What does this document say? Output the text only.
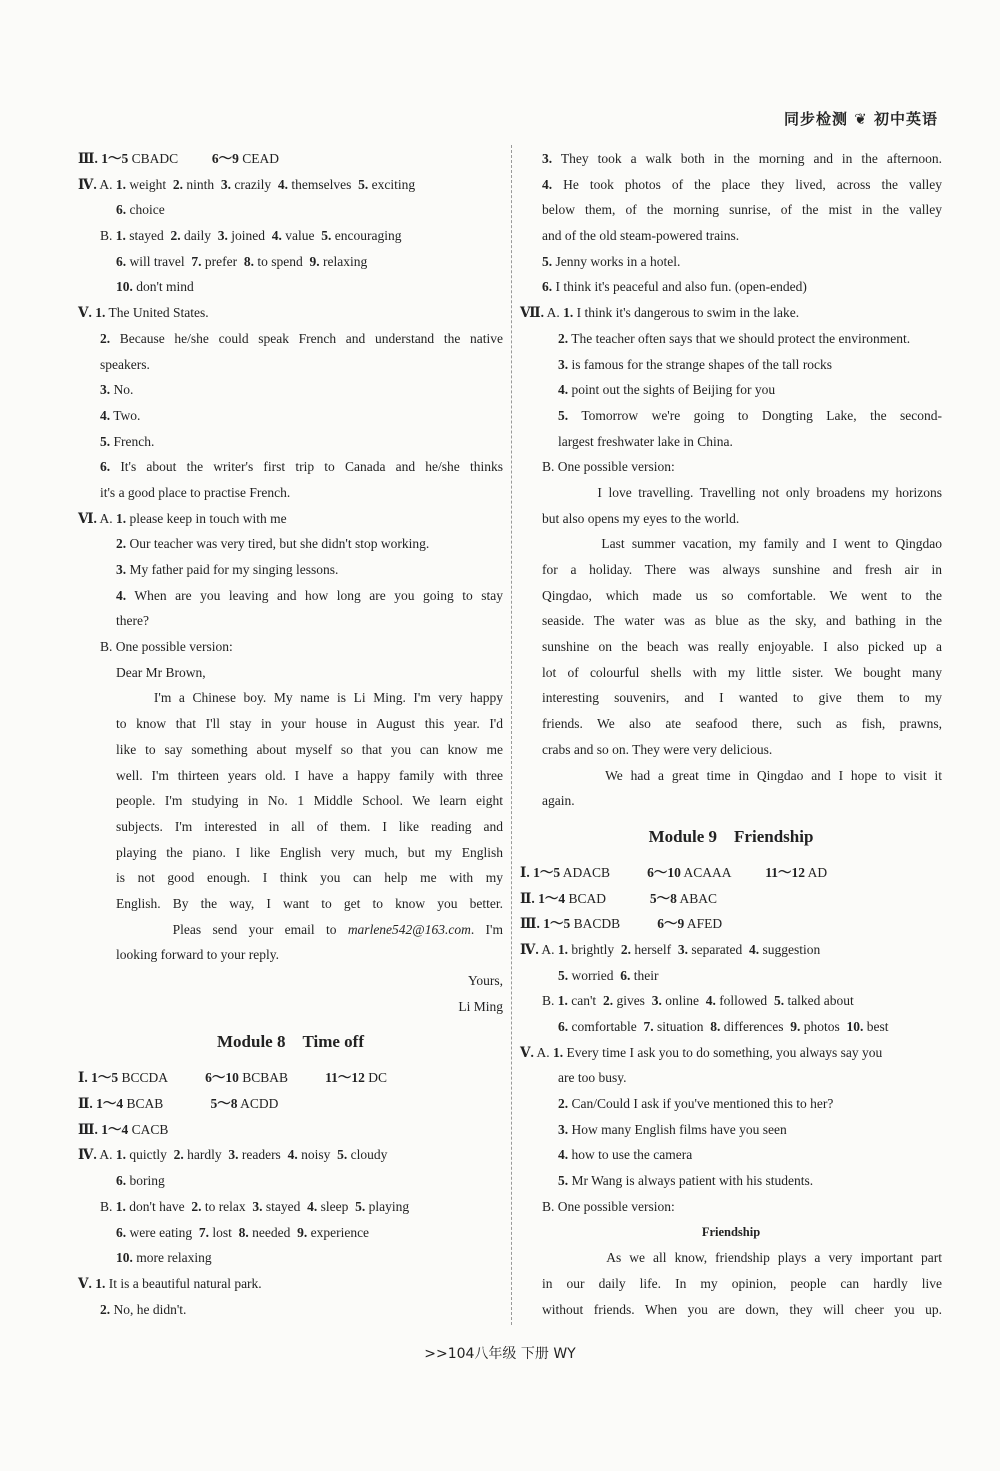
同步检测 ❦ 初中英语
Ⅲ. 1～5 CBADC          6～9 CEAD
Ⅳ. A. 1. weight  2. ninth  3. crazily  4. themselves  5. exciting
6. choice
B. 1. stayed  2. daily  3. joined  4. value  5. encouraging
6. will travel  7. prefer  8. to spend  9. relaxing
10. don't mind
Ⅴ. 1. The United States.
2. Because he/she could speak French and understand the native
speakers.
3. No.
4. Two.
5. French.
6. It's about the writer's first trip to Canada and he/she thinks
it's a good place to practise French.
Ⅵ. A. 1. please keep in touch with me
2. Our teacher was very tired, but she didn't stop working.
3. My father paid for my singing lessons.
4. When are you leaving and how long are you going to stay
there?
B. One possible version:
Dear Mr Brown,
I'm a Chinese boy. My name is Li Ming. I'm very happy
to know that I'll stay in your house in August this year. I'd
like to say something about myself so that you can know me
well. I'm thirteen years old. I have a happy family with three
people. I'm studying in No. 1 Middle School. We learn eight
subjects. I'm interested in all of them. I like reading and
playing the piano. I like English very much, but my English
is not good enough. I think you can help me with my
English. By the way, I want to get to know you better.
Pleas send your email to marlene542@163.com. I'm
looking forward to your reply.
Yours,
Li Ming
Module 8    Time off
Ⅰ. 1～5 BCCDA           6～10 BCBAB           11～12 DC
Ⅱ. 1～4 BCAB              5～8 ACDD
Ⅲ. 1～4 CACB
Ⅳ. A. 1. quictly  2. hardly  3. readers  4. noisy  5. cloudy
6. boring
B. 1. don't have  2. to relax  3. stayed  4. sleep  5. playing
6. were eating  7. lost  8. needed  9. experience
10. more relaxing
Ⅴ. 1. It is a beautiful natural park.
2. No, he didn't.
3. They took a walk both in the morning and in the afternoon.
4. He took photos of the place they lived, across the valley
below them, of the morning sunrise, of the mist in the valley
and of the old steam-powered trains.
5. Jenny works in a hotel.
6. I think it's peaceful and also fun. (open-ended)
Ⅶ. A. 1. I think it's dangerous to swim in the lake.
2. The teacher often says that we should protect the environment.
3. is famous for the strange shapes of the tall rocks
4. point out the sights of Beijing for you
5. Tomorrow we're going to Dongting Lake, the second-
largest freshwater lake in China.
B. One possible version:
I love travelling. Travelling not only broadens my horizons
but also opens my eyes to the world.
Last summer vacation, my family and I went to Qingdao
for a holiday. There was always sunshine and fresh air in
Qingdao, which made us so comfortable. We went to the
seaside. The water was as blue as the sky, and bathing in the
sunshine on the beach was really enjoyable. I also picked up a
lot of colourful shells with my little sister. We bought many
interesting souvenirs, and I wanted to give them to my
friends. We also ate seafood there, such as fish, prawns,
crabs and so on. They were very delicious.
We had a great time in Qingdao and I hope to visit it
again.
Module 9    Friendship
Ⅰ. 1～5 ADACB           6～10 ACAAA          11～12 AD
Ⅱ. 1～4 BCAD             5～8 ABAC
Ⅲ. 1～5 BACDB           6～9 AFED
Ⅳ. A. 1. brightly  2. herself  3. separated  4. suggestion
5. worried  6. their
B. 1. can't  2. gives  3. online  4. followed  5. talked about
6. comfortable  7. situation  8. differences  9. photos  10. best
Ⅴ. A. 1. Every time I ask you to do something, you always say you
are too busy.
2. Can/Could I ask if you've mentioned this to her?
3. How many English films have you seen
4. how to use the camera
5. Mr Wang is always patient with his students.
B. One possible version:
Friendship
As we all know, friendship plays a very important part
in our daily life. In my opinion, people can hardly live
without friends. When you are down, they will cheer you up.
>>104八年级 下册 WY
